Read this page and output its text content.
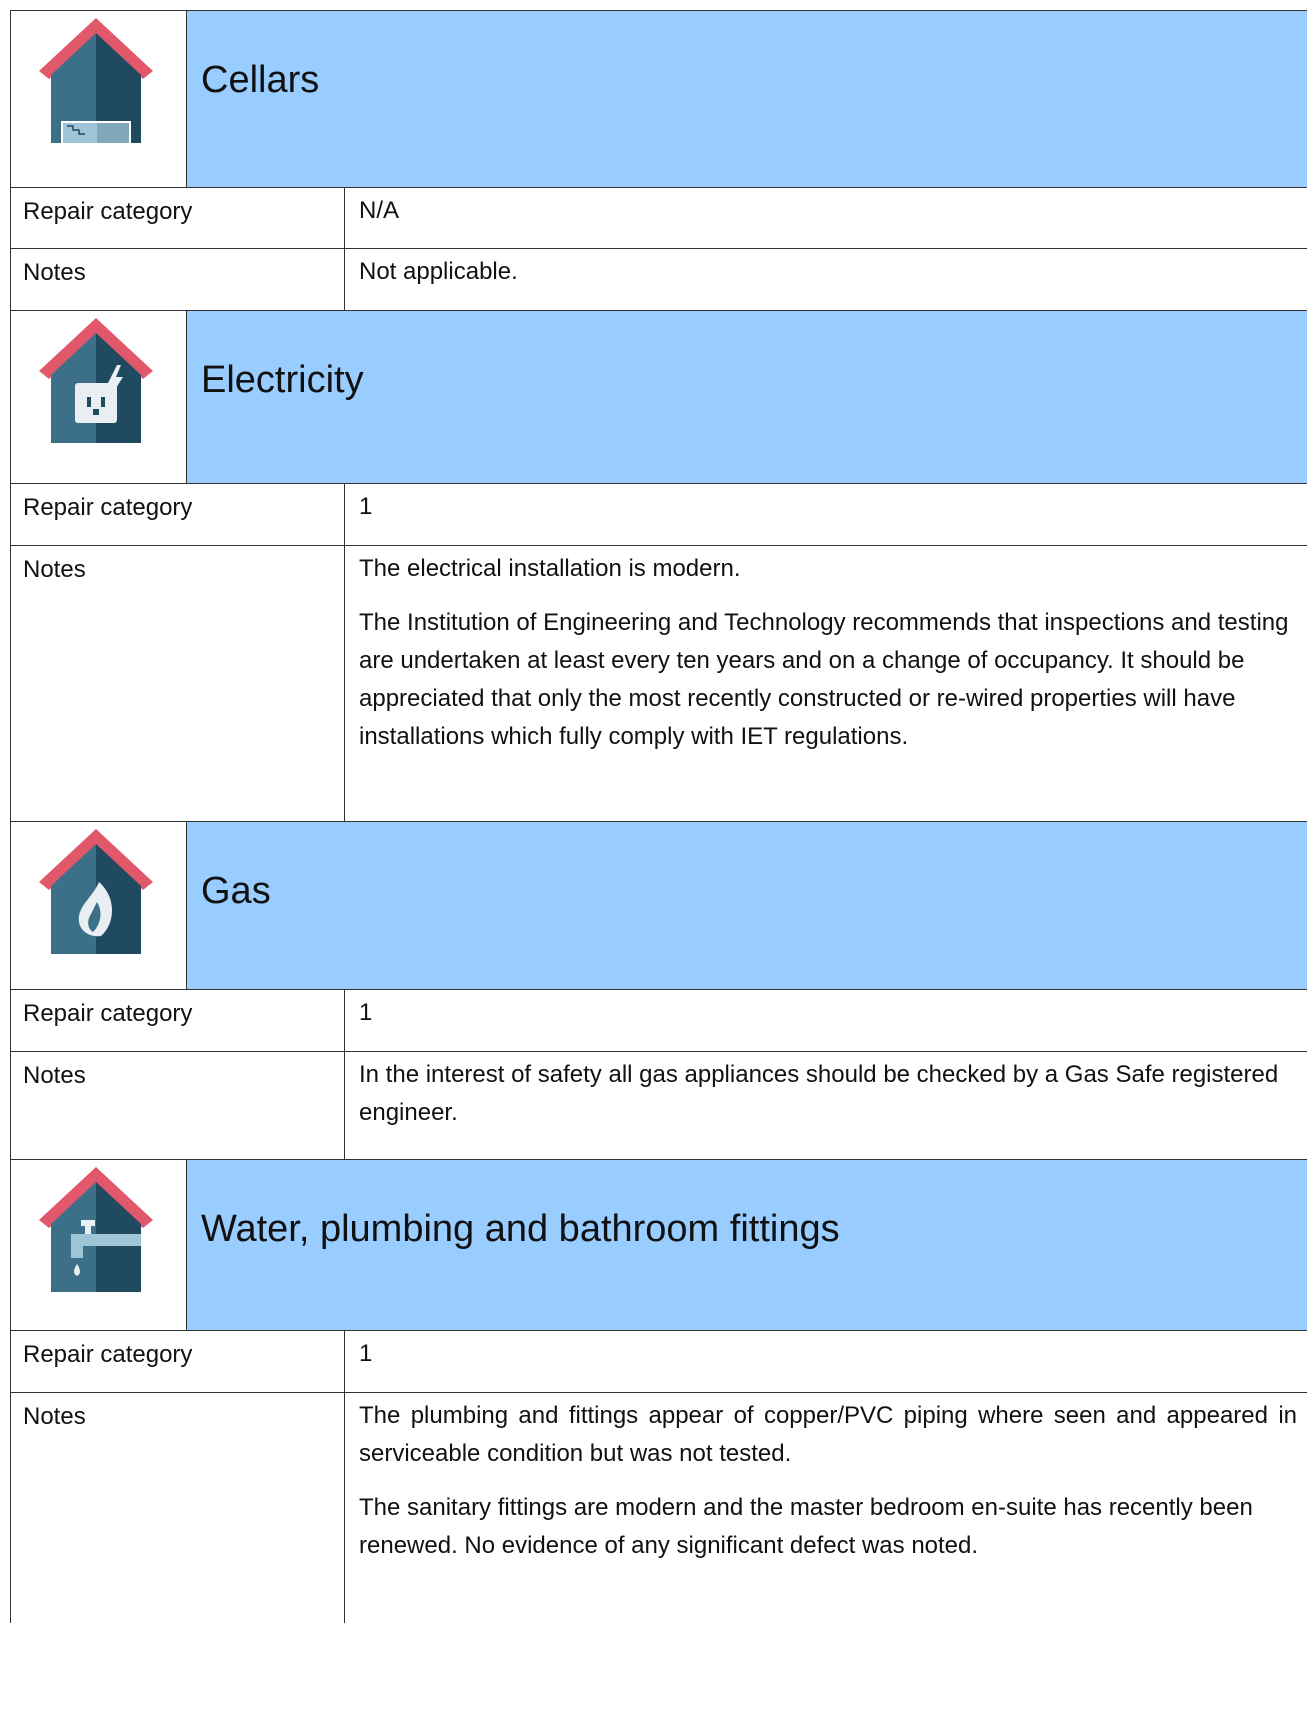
Cellars
Repair category	N/A

Notes	Not applicable.

Electricity
Repair category	1

Notes	The electrical installation is modern.

The Institution of Engineering and Technology recommends that inspections and testing are undertaken at least every ten years and on a change of occupancy. It should be appreciated that only the most recently constructed or re-wired properties will have installations which fully comply with IET regulations.

Gas
Repair category	1

Notes	In the interest of safety all gas appliances should be checked by a Gas Safe registered engineer.

Water, plumbing and bathroom fittings
Repair category	1

Notes	The plumbing and fittings appear of copper/PVC piping where seen and appeared in serviceable condition but was not tested.

The sanitary fittings are modern and the master bedroom en-suite has recently been renewed. No evidence of any significant defect was noted.
